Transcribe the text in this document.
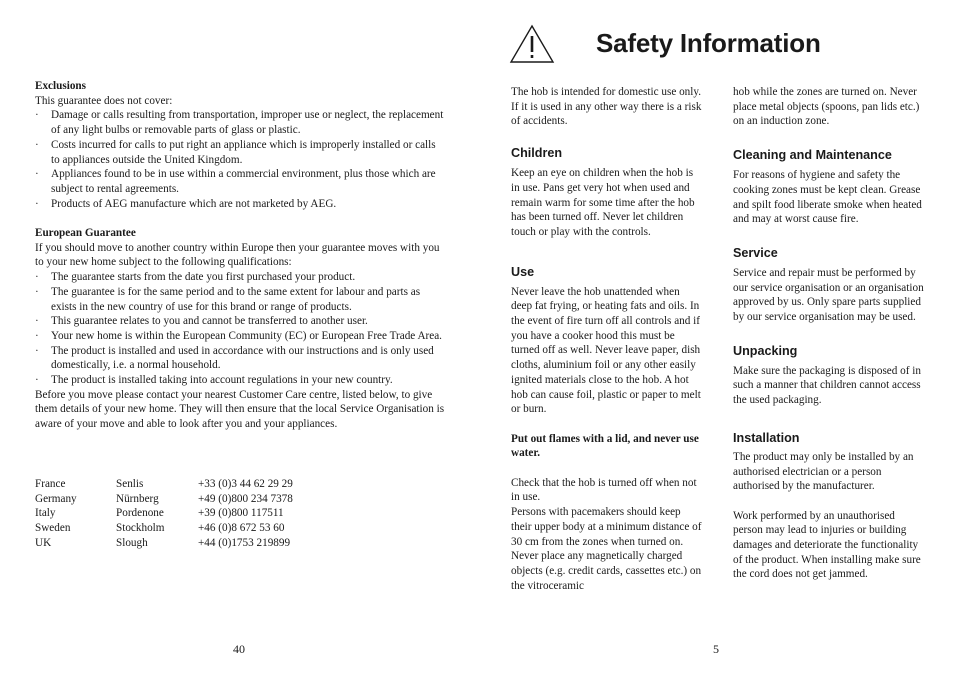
Exclusions

This guarantee does not cover:

· Damage or calls resulting from transportation, improper use or neglect, the replacement of any light bulbs or removable parts of glass or plastic.
· Costs incurred for calls to put right an appliance which is improperly installed or calls to appliances outside the United Kingdom.
· Appliances found to be in use within a commercial environment, plus those which are subject to rental agreements.
· Products of AEG manufacture which are not marketed by AEG.

European Guarantee

If you should move to another country within Europe then your guarantee moves with you to your new home subject to the following qualifications:

· The guarantee starts from the date you first purchased your product.
· The guarantee is for the same period and to the same extent for labour and parts as exists in the new country of use for this brand or range of products.
· This guarantee relates to you and cannot be transferred to another user.
· Your new home is within the European Community (EC) or European Free Trade Area.
· The product is installed and used in accordance with our instructions and is only used domestically, i.e. a normal household.
· The product is installed taking into account regulations in your new country.

Before you move please contact your nearest Customer Care centre, listed below, to give them details of your new home. They will then ensure that the local Service Organisation is aware of your move and able to look after you and your appliances.

France	Senlis	+33 (0)3 44 62 29 29
Germany	Nürnberg	+49 (0)800 234 7378
Italy	Pordenone	+39 (0)800 117511
Sweden	Stockholm	+46 (0)8 672 53 60
UK	Slough	+44 (0)1753 219899
40
Safety Information

The hob is intended for domestic use only. If it is used in any other way there is a risk of accidents.

Children

Keep an eye on children when the hob is in use. Pans get very hot when used and remain warm for some time after the hob has been turned off. Never let children touch or play with the controls.

Use

Never leave the hob unattended when deep fat frying, or heating fats and oils. In the event of fire turn off all controls and if you have a cooker hood this must be turned off as well. Never leave paper, dish cloths, aluminium foil or any other easily ignited materials close to the hob. A hot hob can cause foil, plastic or paper to melt or burn.

Put out flames with a lid, and never use water.

Check that the hob is turned off when not in use.

Persons with pacemakers should keep their upper body at a minimum distance of 30 cm from the zones when turned on.

Never place any magnetically charged objects (e.g. credit cards, cassettes etc.) on the vitroceramic

hob while the zones are turned on. Never place metal objects (spoons, pan lids etc.) on an induction zone.

Cleaning and Maintenance

For reasons of hygiene and safety the cooking zones must be kept clean. Grease and spilt food liberate smoke when heated and may at worst cause fire.

Service

Service and repair must be performed by our service organisation or an organisation approved by us. Only spare parts supplied by our service organisation may be used.

Unpacking

Make sure the packaging is disposed of in such a manner that children cannot access the used packaging.

Installation

The product may only be installed by an authorised electrician or a person authorised by the manufacturer.

Work performed by an unauthorised person may lead to injuries or building damages and deteriorate the functionality of the product. When installing make sure the cord does not get jammed.

5
